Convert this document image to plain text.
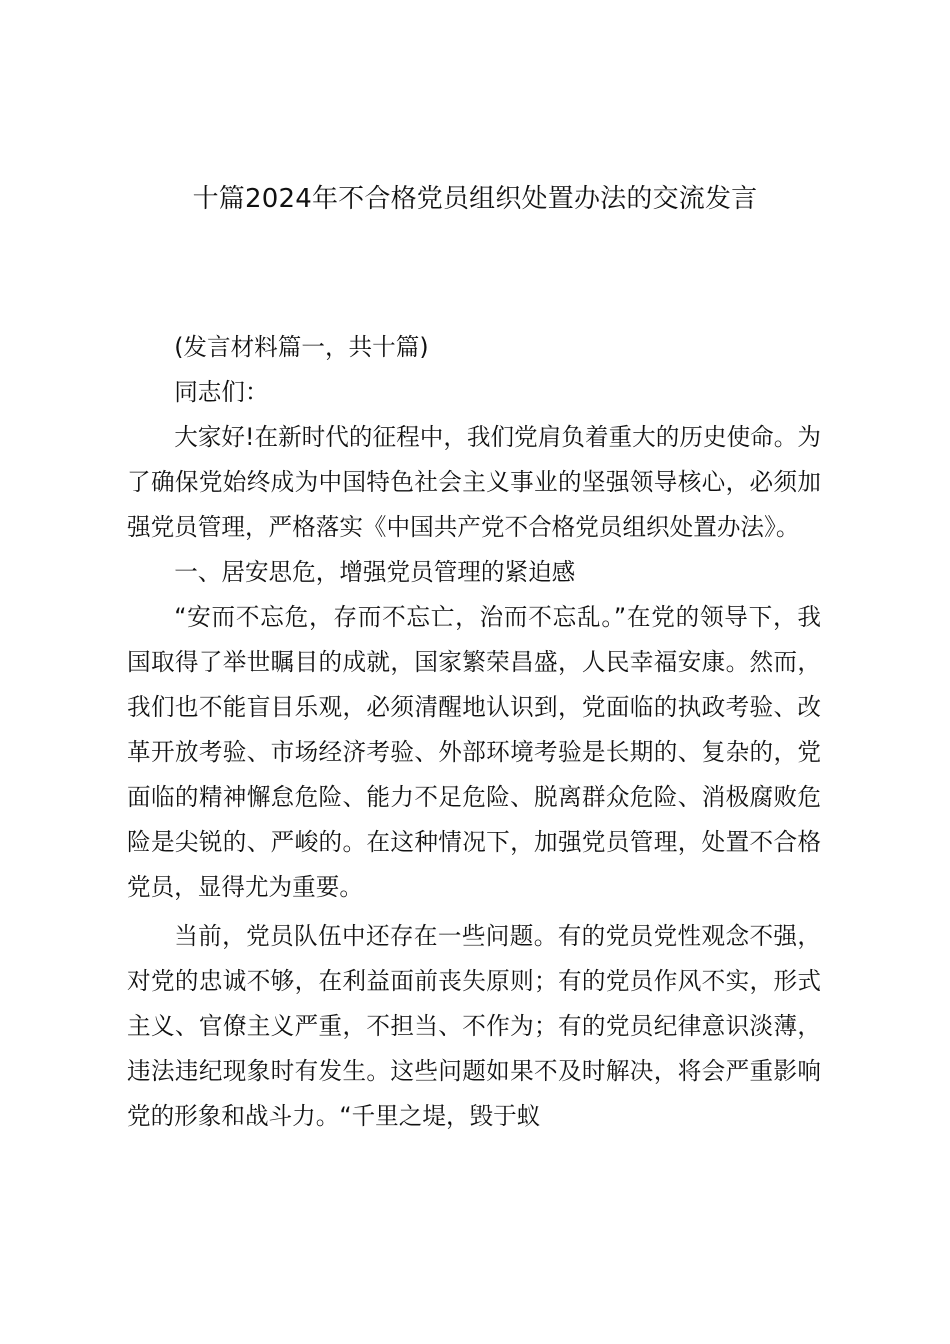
十篇2024年不合格党员组织处置办法的交流发言

(发言材料篇一，共十篇)

同志们：

大家好!在新时代的征程中，我们党肩负着重大的历史使命。为了确保党始终成为中国特色社会主义事业的坚强领导核心，必须加强党员管理，严格落实《中国共产党不合格党员组织处置办法》。

一、居安思危，增强党员管理的紧迫感

“安而不忘危，存而不忘亡，治而不忘乱。”在党的领导下，我国取得了举世瞩目的成就，国家繁荣昌盛，人民幸福安康。然而，我们也不能盲目乐观，必须清醒地认识到，党面临的执政考验、改革开放考验、市场经济考验、外部环境考验是长期的、复杂的，党面临的精神懈怠危险、能力不足危险、脱离群众危险、消极腐败危险是尖锐的、严峻的。在这种情况下，加强党员管理，处置不合格党员，显得尤为重要。

当前，党员队伍中还存在一些问题。有的党员党性观念不强，对党的忠诚不够，在利益面前丧失原则；有的党员作风不实，形式主义、官僚主义严重，不担当、不作为；有的党员纪律意识淡薄，违法违纪现象时有发生。这些问题如果不及时解决，将会严重影响党的形象和战斗力。“千里之堤，毁于蚁
